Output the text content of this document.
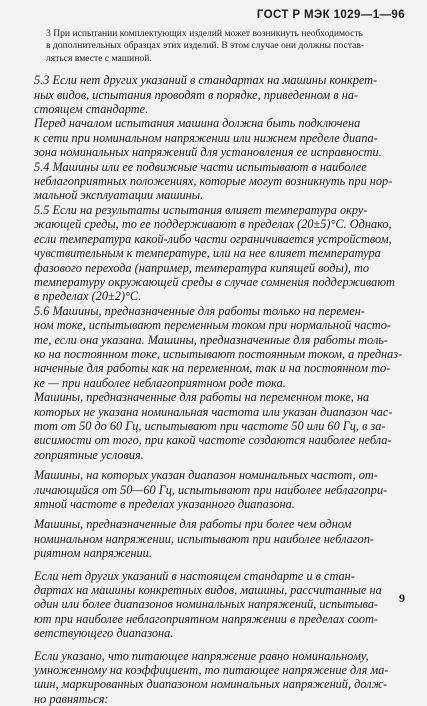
ГОСТ Р МЭК 1029—1—96
3 При испытании комплектующих изделий может возникнуть необходимость
в дополнительных образцах этих изделий. В этом случае они должны постав-
ляться вместе с машиной.
5.3 Если нет других указаний в стандартах на машины конкрет-
ных видов, испытания проводят в порядке, приведенном в на-
стоящем стандарте.
Перед началом испытания машина должна быть подключена
к сети при номинальном напряжении или нижнем пределе диапа-
зона номинальных напряжений для установления ее исправности.
5.4 Машины или ее подвижные части испытывают в наиболее
неблагоприятных положениях, которые могут возникнуть при нор-
мальной эксплуатации машины.
5.5 Если на результаты испытания влияет температура окру-
жающей среды, то ее поддерживают в пределах (20±5)°С. Однако,
если температура какой-либо части ограничивается устройством,
чувствительным к температуре, или на нее влияет температура
фазового перехода (например, температура кипящей воды), то
температуру окружающей среды в случае сомнения поддерживают
в пределах (20±2)°С.
5.6 Машины, предназначенные для работы только на перемен-
ном токе, испытывают переменным током при нормальной часто-
те, если она указана. Машины, предназначенные для работы толь-
ко на постоянном токе, испытывают постоянным током, а предназ-
наченные для работы как на переменном, так и на постоянном то-
ке — при наиболее неблагоприятном роде тока.
Машины, предназначенные для работы на переменном токе, на
которых не указана номинальная частота или указан диапазон час-
тот от 50 до 60 Гц, испытывают при частоте 50 или 60 Гц, в за-
висимости от того, при какой частоте создаются наиболее небла-
гоприятные условия.
Машины, на которых указан диапазон номинальных частот, от-
личающийся от 50—60 Гц, испытывают при наиболее неблагопри-
ятной частоте в пределах указанного диапазона.
Машины, предназначенные для работы при более чем одном
номинальном напряжении, испытывают при наиболее неблагоп-
риятном напряжении.
Если нет других указаний в настоящем стандарте и в стан-
дартах на машины конкретных видов, машины, рассчитанные на
один или более диапазонов номинальных напряжений, испытыва-
ют при наиболее неблагоприятном напряжении в пределах соот-
ветствующего диапазона.
Если указано, что питающее напряжение равно номинальному,
умноженному на коэффициент, то питающее напряжение для ма-
шин, маркированных диапазоном номинальных напряжений, долж-
но равняться:
9
